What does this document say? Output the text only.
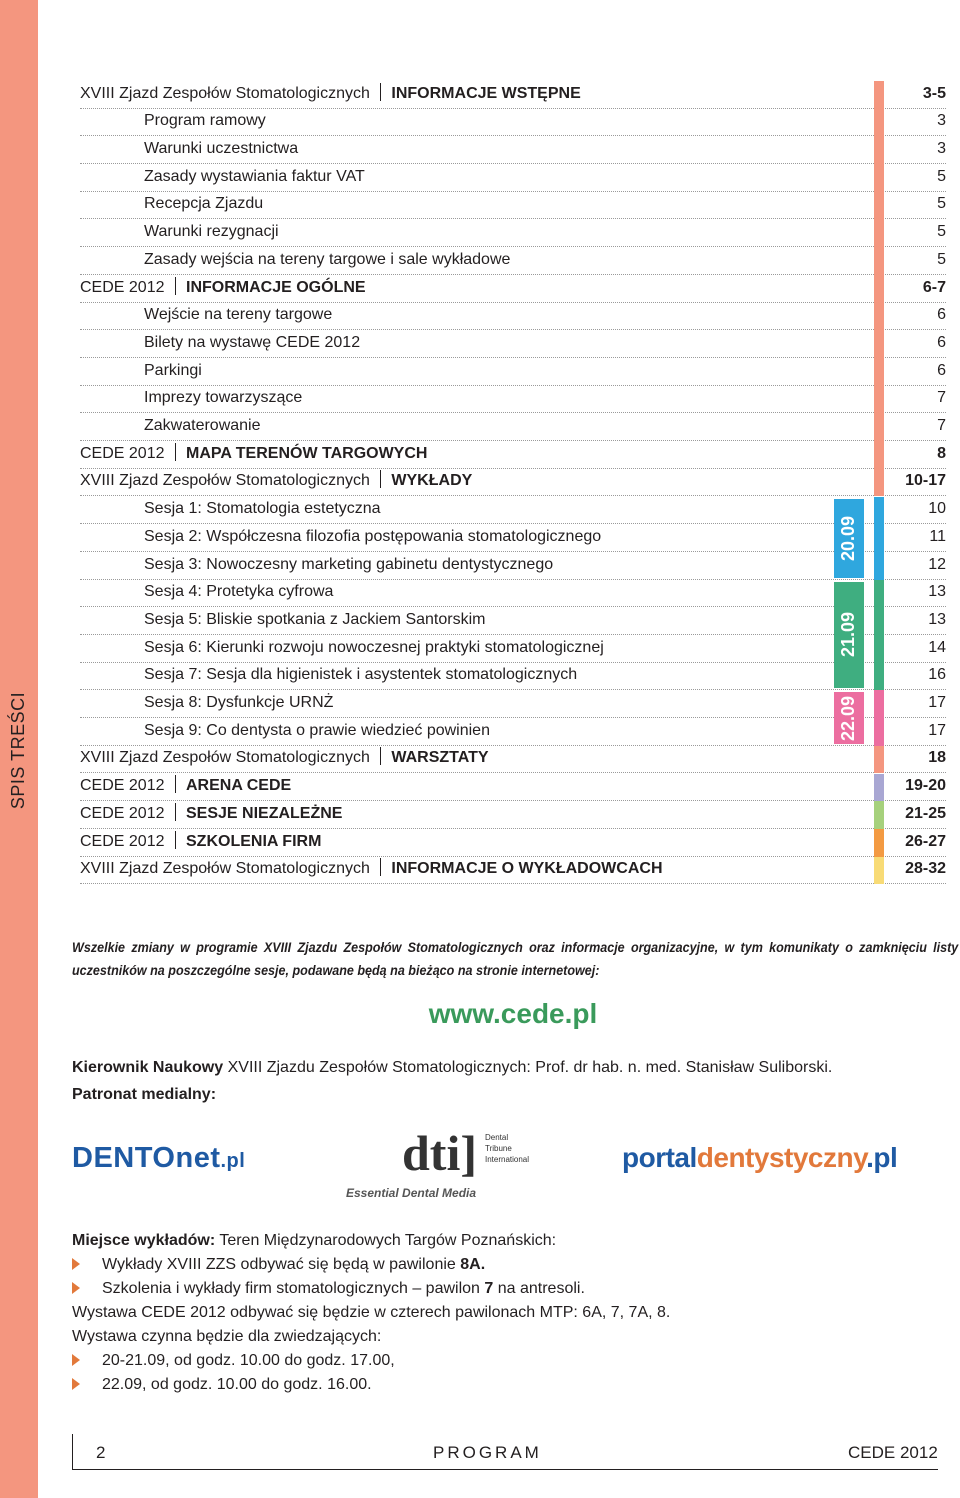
SPIS TREŚCI
XVIII Zjazd Zespołów Stomatologicznych INFORMACJE WSTĘPNE	3-5
Program ramowy	3
Warunki uczestnictwa	3
Zasady wystawiania faktur VAT	5
Recepcja Zjazdu	5
Warunki rezygnacji	5
Zasady wejścia na tereny targowe i sale wykładowe	5
CEDE 2012 INFORMACJE OGÓLNE	6-7
Wejście na tereny targowe	6
Bilety na wystawę CEDE 2012	6
Parkingi	6
Imprezy towarzyszące	7
Zakwaterowanie	7
CEDE 2012 MAPA TERENÓW TARGOWYCH	8
XVIII Zjazd Zespołów Stomatologicznych WYKŁADY	10-17
Sesja 1: Stomatologia estetyczna	10
Sesja 2: Współczesna filozofia postępowania stomatologicznego	11
Sesja 3: Nowoczesny marketing gabinetu dentystycznego	12
Sesja 4: Protetyka cyfrowa	13
Sesja 5: Bliskie spotkania z Jackiem Santorskim	13
Sesja 6: Kierunki rozwoju nowoczesnej praktyki stomatologicznej	14
Sesja 7: Sesja dla higienistek i asystentek stomatologicznych	16
Sesja 8: Dysfunkcje URNŻ	17
Sesja 9: Co dentysta o prawie wiedzieć powinien	17
XVIII Zjazd Zespołów Stomatologicznych WARSZTATY	18
CEDE 2012 ARENA CEDE	19-20
CEDE 2012 SESJE NIEZALEŻNE	21-25
CEDE 2012 SZKOLENIA FIRM	26-27
XVIII Zjazd Zespołów Stomatologicznych INFORMACJE O WYKŁADOWCACH	28-32
20.09
21.09
22.09
Wszelkie zmiany w programie XVIII Zjazdu Zespołów Stomatologicznych oraz informacje organizacyjne, w tym komunikaty o zamknięciu listy uczestników na poszczególne sesje, podawane będą na bieżąco na stronie internetowej:
www.cede.pl
Kierownik Naukowy XVIII Zjazdu Zespołów Stomatologicznych: Prof. dr hab. n. med. Stanisław Suliborski.
Patronat medialny:
DENTOnet.pl	dti] Dental
Tribune
International
Essential Dental Media
portaldentystyczny.pl
Miejsce wykładów: Teren Międzynarodowych Targów Poznańskich:
Wykłady XVIII ZZS odbywać się będą w pawilonie 8A.
Szkolenia i wykłady firm stomatologicznych – pawilon 7 na antresoli.
Wystawa CEDE 2012 odbywać się będzie w czterech pawilonach MTP: 6A, 7, 7A, 8.
Wystawa czynna będzie dla zwiedzających:
20-21.09, od godz. 10.00 do godz. 17.00,
22.09, od godz. 10.00 do godz. 16.00.
2	PROGRAM	CEDE 2012
